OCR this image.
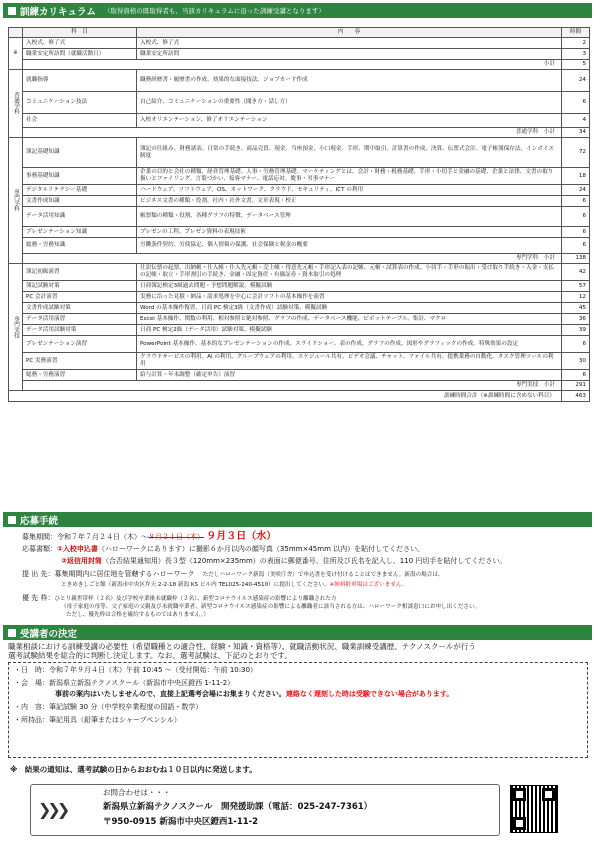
訓練カリキュラム （取得資格の既取得者も、当該カリキュラムに沿った訓練受講となります）
	科　目	内　　容	時間
※	入校式、修了式	入校式、修了式	2
	職業安定所訪問（就職活動日）	職業安定所訪問	3
	小計		5
普通学科	就職指導	職務経歴書・履歴書の作成、効果的な面接技法、ジョブカード作成	24
	コミュニケーション技法	自己紹介、コミュニケーションの重要性（聞き方・話し方）	6
	社会	入校オリエンテーション、修了オリエンテーション	4
	普通学科　小計		34
専門学科	簿記基礎知識	簿記の仕組み、財務諸表、日常の手続き、商品売買、現金、当座預金、小口現金、手形、期中取引、計算書の作成、決算、伝票式会計、電子帳簿保存法、インボイス制度	72
	事務基礎知識	企業の目的と会社の種類、経営管理基礎、人事・労務管理基礎、マーケティングとは、会計・財務・税務基礎、手形・小切手と金融の基礎、企業と法律、文書の取り扱いとファイリング、言葉づかい、接客マナー、電話応対、慶事・弔事マナー	18
	デジタルリテラシー基礎	ハードウェア、ソフトウェア、OS、ネットワーク、クラウド、セキュリティ、ICT の利用	24
	文書作成知識	ビジネス文書の種類・役割、社内・社外文書、文章表現・校正	6
	データ活用知識	帳票類の種類・役割、各種グラフの特徴、データベース管理	6
	プレゼンテーション知識	プレゼンの工程、プレゼン資料の表現技術	6
	総務・労務知識	労働条件契約、労使協定、個人情報の保護、社会保険と税金の概要	6
	専門学科　小計		138
専門実技	簿記初級演習	仕訳伝票の起票、出納帳・仕入帳・仕入先元帳・売上帳・得意先元帳・手形記入表の記帳、元帳・試算表の作成、小切手・手形の振出・受け取り手続き・入金・支払の記帳・取立・手形割引の手続き、金融・固定資産・有価証券・資本取引の処理	42
	簿記試験対策	日商簿記検定3級過去問題・予想問題解説、模擬試験	57
	PC 会計演習	実務に沿った見積・納品・請求処理を中心に会計ソフトの基本操作を演習	12
	文書作成試験対策	Word の基本操作復習、日商 PC 検定3級（文書作成）試験対策、模擬試験	45
	データ活用演習	Excel 基本操作、関数の利用、相対参照と絶対参照、グラフの作成、データベース機能、ピボットテーブル、集計、マクロ	36
	データ活用試験対策	日商 PC 検定2級（データ活用）試験対策、模擬試験	39
	プレゼンテーション演習	PowerPoint 基本操作、基本的なプレゼンテーションの作成、スライドショー、表の作成、グラフの作成、図形やグラフィックの作成、特殊効果の設定	6
	PC 実務演習	クラウドサービスの利用、AI の利用、グループウェアの利用、スケジュール共有、ビデオ会議、チャット、ファイル共有、提携業務の自動化、タスク管理ツールの利用	30
	総務・労務演習	給与計算・年末調整（確定申告）演習	6
	専門実技　小計		291
訓練時間合計（※訓練時間に含めない科目）			463
応募手続
募集期間：令和７年７月２４日（木）～８月２１日（木） ９月３日（水）
応募書類：①入校申込書（ハローワークにあります）に撮影６か月以内の顔写真（35mm×45mm 以内）を貼付してください。
②返信用封筒（合否結果通知用）長３型（120mm×235mm）の表面に郵便番号、住所及び氏名を記入し、110 円切手を貼付してください。
提 出 先：募集期間内に居住地を管轄するハローワーク ただしハローワーク新潟（美咲庁舎）で申込書を受け付けることはできません。新潟の場合は、
ときめきしごと館（新潟市中央区弁天 2-2-18 新潟 KS ビル内 TEL025-240-4510）に提出してください。※無料駐車場はございません。
優 先 枠：ひとり親世帯枠（２名）及び学校卒業後未就職枠（２名）、新型コロナウイルス感染症の影響により離職された方
（母子家庭の母等、父子家庭の父親及び未就職卒業者、新型コロナウイルス感染症の影響による離職者に該当される方は、ハローワーク相談窓口にお申し出ください。
ただし、優先枠は合格を確約するものではありません。）
受講者の決定
職業相談における訓練受講の必要性（希望職種との適合性、経験・知識・資格等）、就職活動状況、職業訓練受講歴、テクノスクールが行う
選考試験結果を総合的に判断し決定します。なお、選考試験は、下記のとおりです。
・日　時：令和７年９月４日（木）午前 10:45 ～（受付開始：午前 10:30）
・会　場：新潟県立新潟テクノスクール（新潟市中央区鐙西 1-11-2）
事前の案内はいたしませんので、直接上記選考会場にお集まりください。連絡なく遅刻した時は受験できない場合があります。
・内　容：筆記試験 30 分（中学校卒業程度の国語・数学）
・所持品：筆記用具（鉛筆またはシャープペンシル）
※　結果の通知は、選考試験の日からおおむね１０日以内に発送します。
❯❯❯
お問合わせは・・・
新潟県立新潟テクノスクール　開発援助課（電話：025-247-7361）
〒950-0915 新潟市中央区鐙西1-11-2
